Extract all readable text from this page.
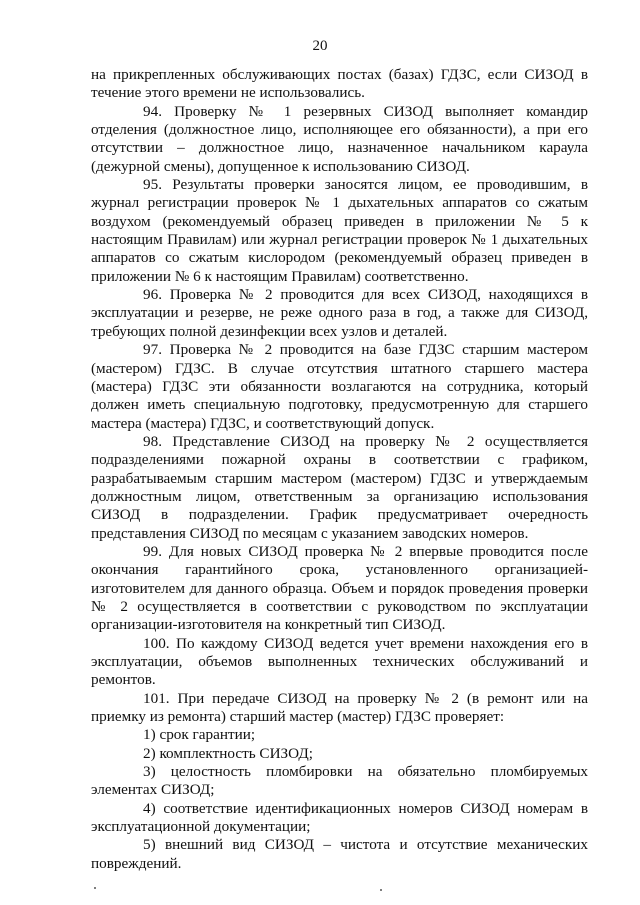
20

на прикрепленных обслуживающих постах (базах) ГДЗС, если СИЗОД в течение этого времени не использовались.

94. Проверку № 1 резервных СИЗОД выполняет командир отделения (должностное лицо, исполняющее его обязанности), а при его отсутствии – должностное лицо, назначенное начальником караула (дежурной смены), допущенное к использованию СИЗОД.

95. Результаты проверки заносятся лицом, ее проводившим, в журнал регистрации проверок № 1 дыхательных аппаратов со сжатым воздухом (рекомендуемый образец приведен в приложении № 5 к настоящим Правилам) или журнал регистрации проверок № 1 дыхательных аппаратов со сжатым кислородом (рекомендуемый образец приведен в приложении № 6 к настоящим Правилам) соответственно.

96. Проверка № 2 проводится для всех СИЗОД, находящихся в эксплуатации и резерве, не реже одного раза в год, а также для СИЗОД, требующих полной дезинфекции всех узлов и деталей.

97. Проверка № 2 проводится на базе ГДЗС старшим мастером (мастером) ГДЗС. В случае отсутствия штатного старшего мастера (мастера) ГДЗС эти обязанности возлагаются на сотрудника, который должен иметь специальную подготовку, предусмотренную для старшего мастера (мастера) ГДЗС, и соответствующий допуск.

98. Представление СИЗОД на проверку № 2 осуществляется подразделениями пожарной охраны в соответствии с графиком, разрабатываемым старшим мастером (мастером) ГДЗС и утверждаемым должностным лицом, ответственным за организацию использования СИЗОД в подразделении. График предусматривает очередность представления СИЗОД по месяцам с указанием заводских номеров.

99. Для новых СИЗОД проверка № 2 впервые проводится после окончания гарантийного срока, установленного организацией-изготовителем для данного образца. Объем и порядок проведения проверки № 2 осуществляется в соответствии с руководством по эксплуатации организации-изготовителя на конкретный тип СИЗОД.

100. По каждому СИЗОД ведется учет времени нахождения его в эксплуатации, объемов выполненных технических обслуживаний и ремонтов.

101. При передаче СИЗОД на проверку № 2 (в ремонт или на приемку из ремонта) старший мастер (мастер) ГДЗС проверяет:

1) срок гарантии;

2) комплектность СИЗОД;

3) целостность пломбировки на обязательно пломбируемых элементах СИЗОД;

4) соответствие идентификационных номеров СИЗОД номерам в эксплуатационной документации;

5) внешний вид СИЗОД – чистота и отсутствие механических повреждений.
